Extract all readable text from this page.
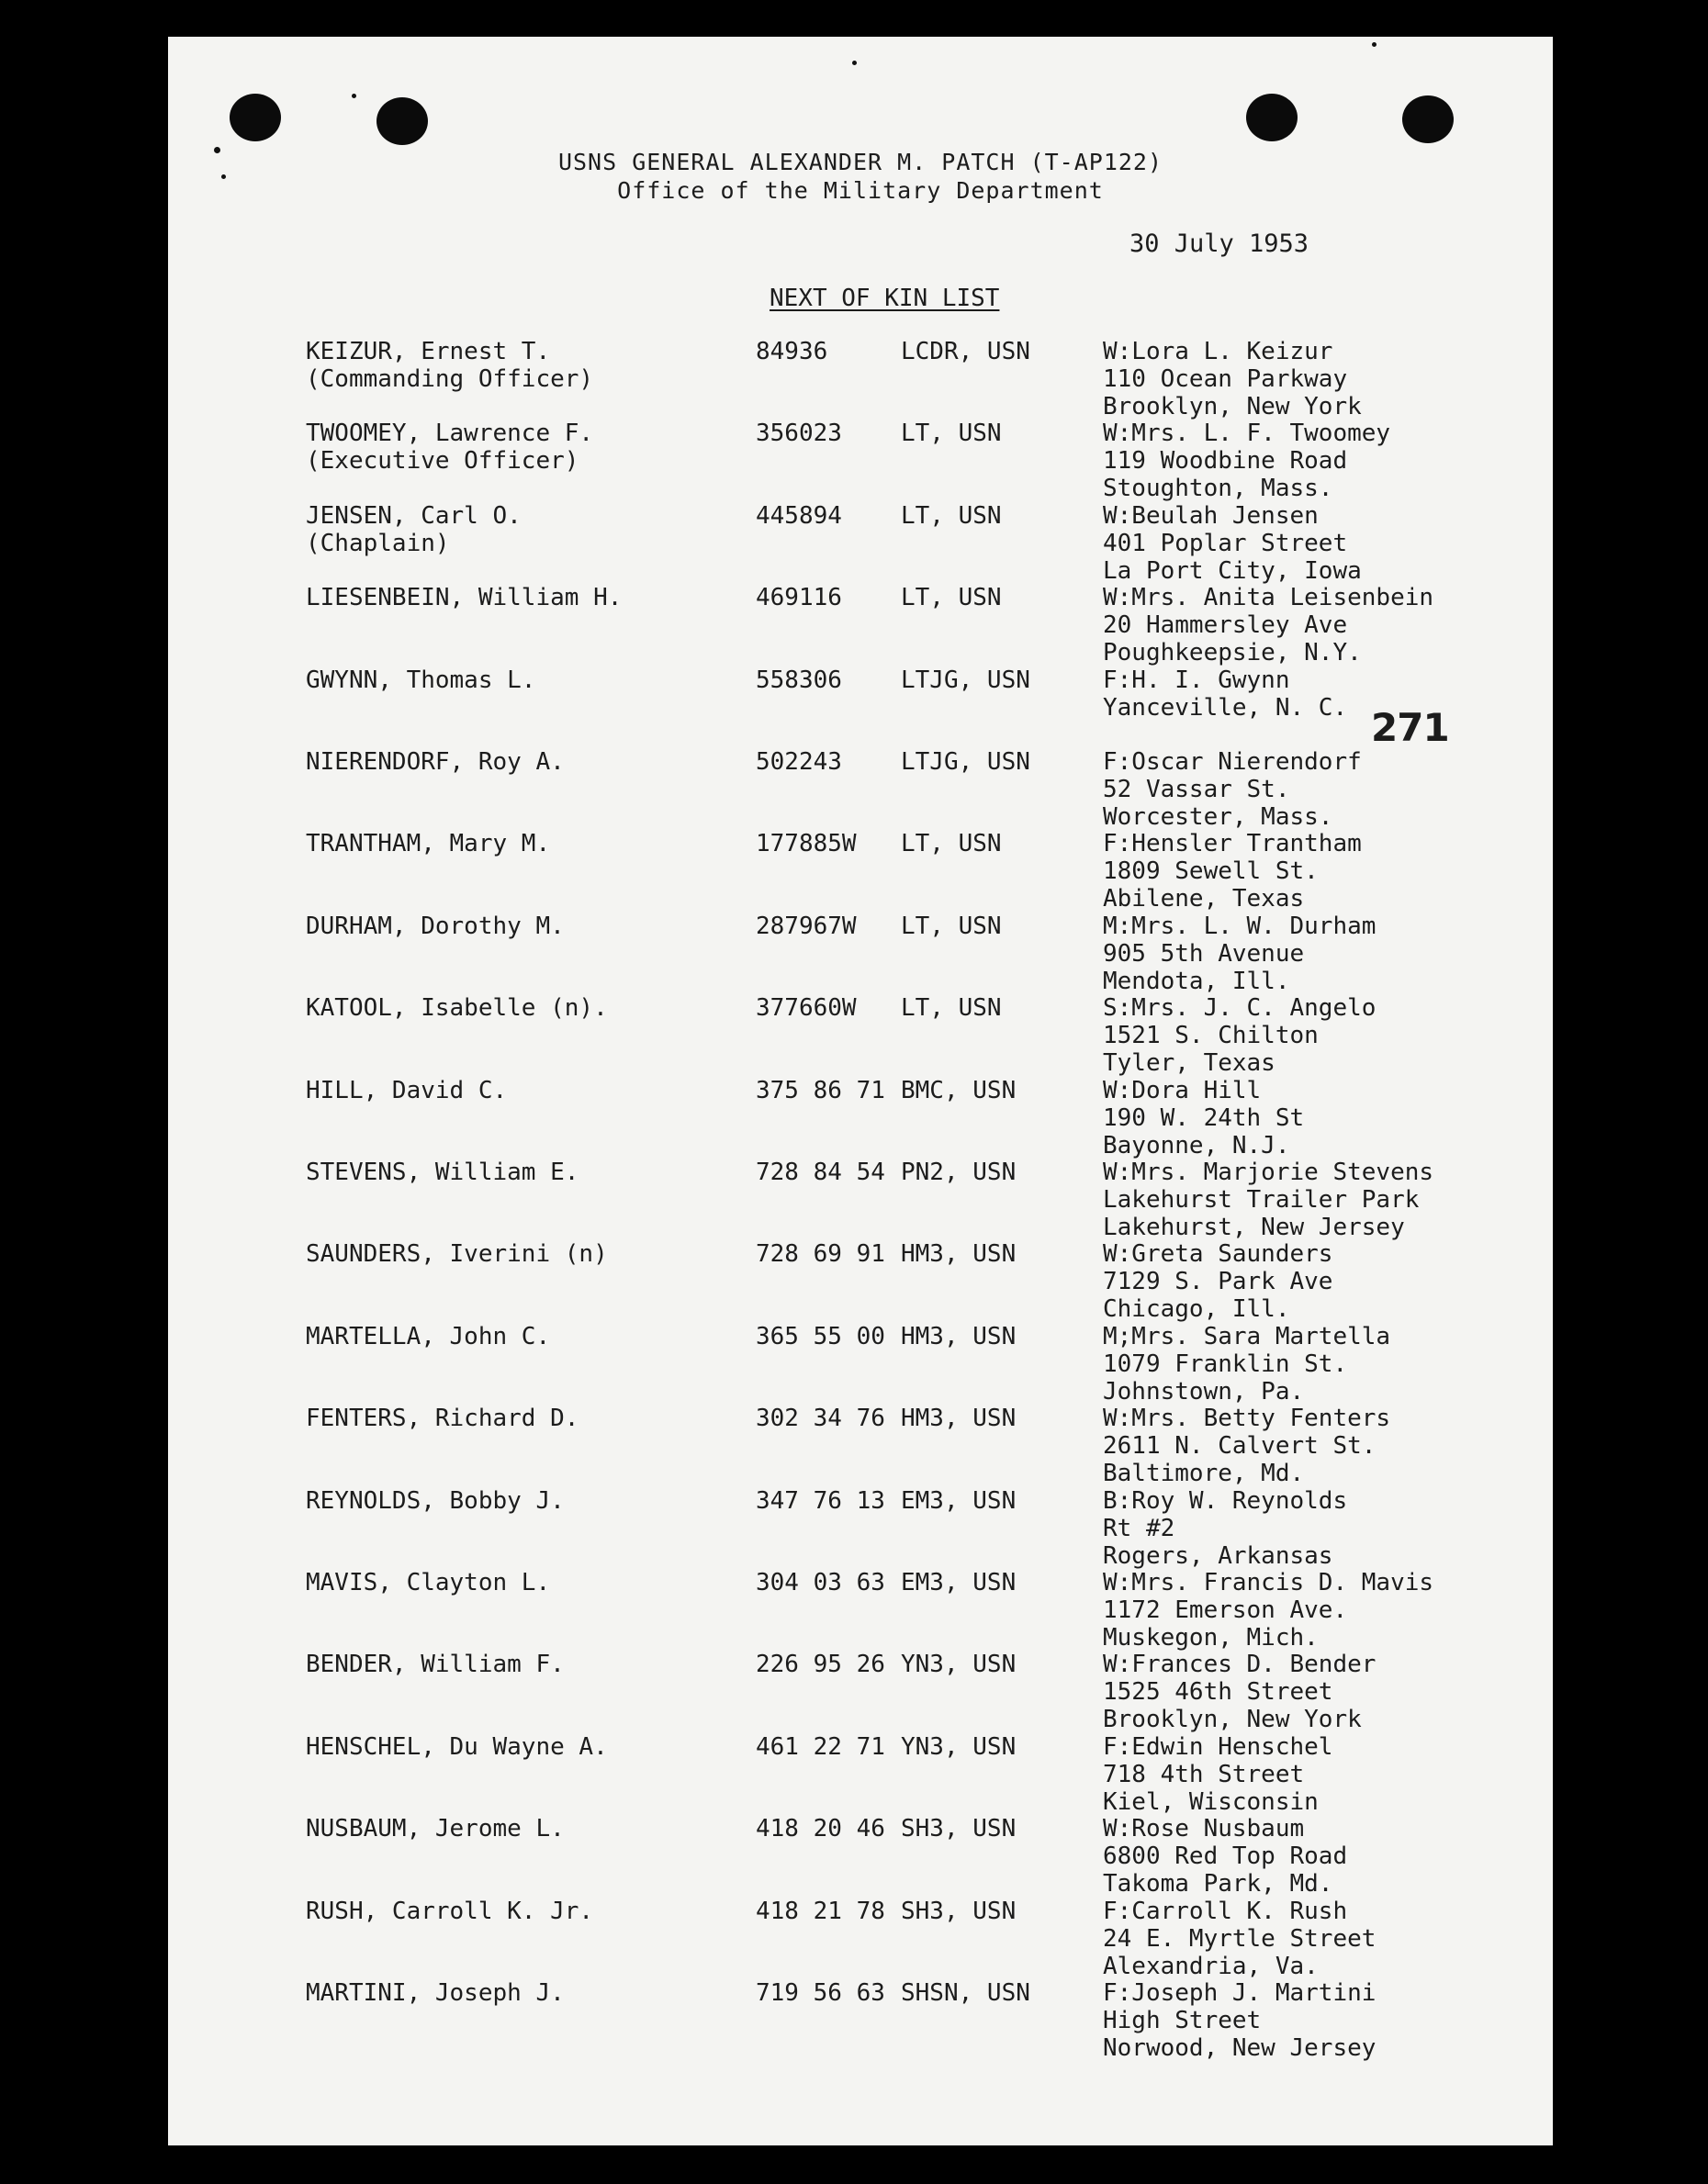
USNS GENERAL ALEXANDER M. PATCH (T-AP122)
Office of the Military Department
30 July 1953
NEXT OF KIN LIST
271
KEIZUR, Ernest T.
(Commanding Officer)
84936	LCDR, USN	W:Lora L. Keizur
110 Ocean Parkway
Brooklyn, New York
TWOOMEY, Lawrence F.
(Executive Officer)
356023 LT, USN	W:Mrs. L. F. Twoomey
119 Woodbine Road
Stoughton, Mass.
JENSEN, Carl O.
(Chaplain)
445894 LT, USN	W:Beulah Jensen
401 Poplar Street
La Port City, Iowa
LIESENBEIN, William H.	469116 LT, USN	W:Mrs. Anita Leisenbein
20 Hammersley Ave
Poughkeepsie, N.Y.
GWYNN, Thomas L.	558306 LTJG, USN	F:H. I. Gwynn
Yanceville, N. C.
NIERENDORF, Roy A.	502243 LTJG, USN	F:Oscar Nierendorf
52 Vassar St.
Worcester, Mass.
TRANTHAM, Mary M.	177885W LT, USN	F:Hensler Trantham
1809 Sewell St.
Abilene, Texas
DURHAM, Dorothy M.	287967W LT, USN	M:Mrs. L. W. Durham
905 5th Avenue
Mendota, Ill.
KATOOL, Isabelle (n).	377660W LT, USN	S:Mrs. J. C. Angelo
1521 S. Chilton
Tyler, Texas
HILL, David C.	375 86 71 BMC, USN	W:Dora Hill
190 W. 24th St
Bayonne, N.J.
STEVENS, William E.	728 84 54 PN2, USN	W:Mrs. Marjorie Stevens
Lakehurst Trailer Park
Lakehurst, New Jersey
SAUNDERS, Iverini (n)	728 69 91 HM3, USN	W:Greta Saunders
7129 S. Park Ave
Chicago, Ill.
MARTELLA, John C.	365 55 00 HM3, USN	M;Mrs. Sara Martella
1079 Franklin St.
Johnstown, Pa.
FENTERS, Richard D.	302 34 76 HM3, USN	W:Mrs. Betty Fenters
2611 N. Calvert St.
Baltimore, Md.
REYNOLDS, Bobby J.	347 76 13 EM3, USN	B:Roy W. Reynolds
Rt #2
Rogers, Arkansas
MAVIS, Clayton L.	304 03 63 EM3, USN	W:Mrs. Francis D. Mavis
1172 Emerson Ave.
Muskegon, Mich.
BENDER, William F.	226 95 26 YN3, USN	W:Frances D. Bender
1525 46th Street
Brooklyn, New York
HENSCHEL, Du Wayne A.	461 22 71 YN3, USN	F:Edwin Henschel
718 4th Street
Kiel, Wisconsin
NUSBAUM, Jerome L.	418 20 46 SH3, USN	W:Rose Nusbaum
6800 Red Top Road
Takoma Park, Md.
RUSH, Carroll K. Jr.	418 21 78 SH3, USN	F:Carroll K. Rush
24 E. Myrtle Street
Alexandria, Va.
MARTINI, Joseph J.	719 56 63 SHSN, USN	F:Joseph J. Martini
High Street
Norwood, New Jersey
